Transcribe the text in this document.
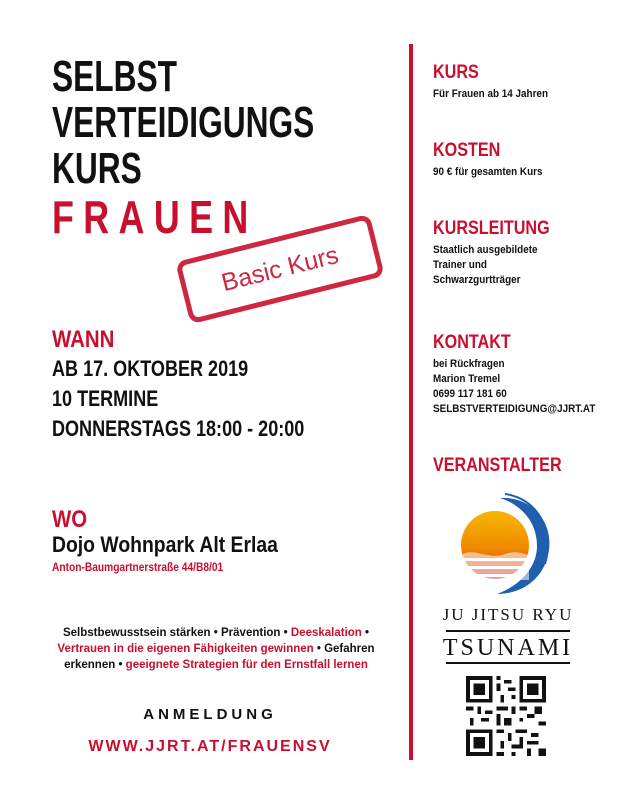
SELBST
VERTEIDIGUNGS
KURS
FRAUEN
Basic Kurs
WANN
AB 17. OKTOBER 2019
10 TERMINE
DONNERSTAGS 18:00 - 20:00
WO
Dojo Wohnpark Alt Erlaa
Anton-Baumgartnerstraße 44/B8/01
Selbstbewusstsein stärken • Prävention • Deeskalation •
Vertrauen in die eigenen Fähigkeiten gewinnen • Gefahren erkennen • geeignete Strategien für den Ernstfall lernen
ANMELDUNG
WWW.JJRT.AT/FRAUENSV
KURS
Für Frauen ab 14 Jahren
KOSTEN
90 € für gesamten Kurs
KURSLEITUNG
Staatlich ausgebildete
Trainer und
Schwarzgurtträger
KONTAKT
bei Rückfragen
Marion Tremel
0699 117 181 60
SELBSTVERTEIDIGUNG@JJRT.AT
VERANSTALTER
JU JITSU RYU
TSUNAMI
